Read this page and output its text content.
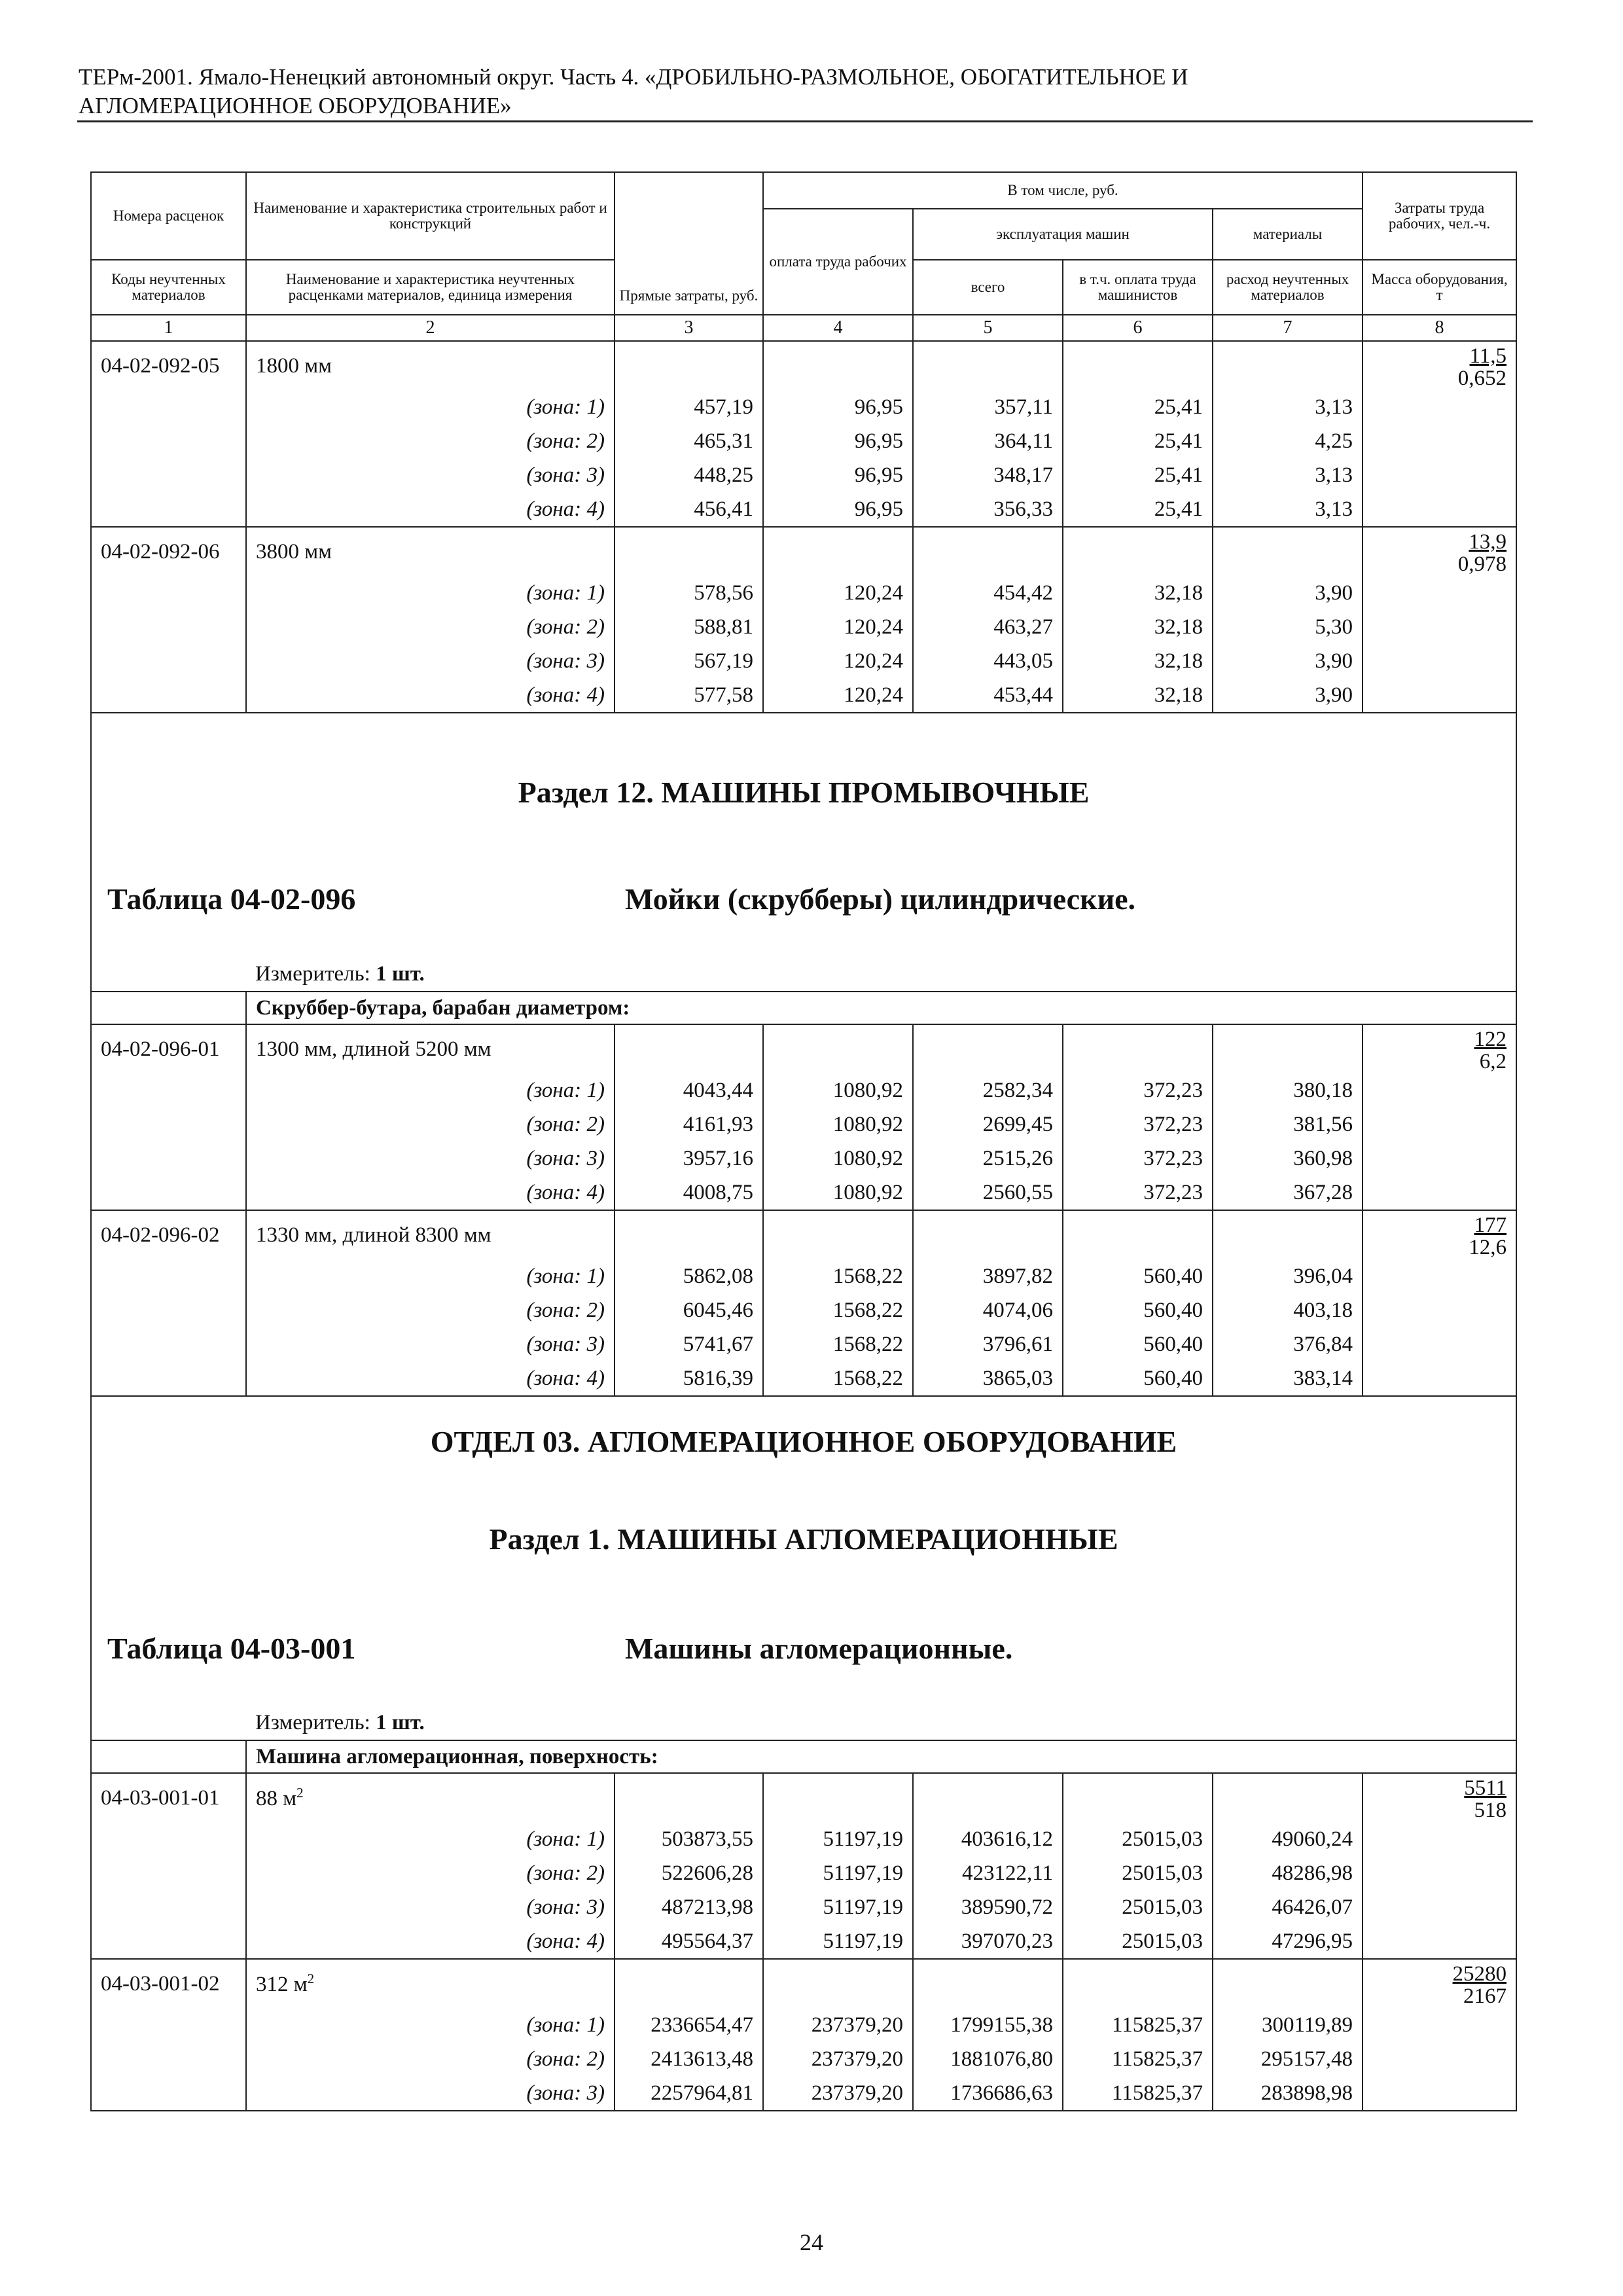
ТЕРм-2001. Ямало-Ненецкий автономный округ. Часть 4. «ДРОБИЛЬНО-РАЗМОЛЬНОЕ, ОБОГАТИТЕЛЬНОЕ И
АГЛОМЕРАЦИОННОЕ ОБОРУДОВАНИЕ»
Номера расценок	Наименование и характеристика строительных работ и конструкций	Прямые затраты, руб.	В том числе, руб.				Затраты труда рабочих, чел.-ч.
			оплата труда рабочих	эксплуатация машин		материалы	
Коды неучтенных материалов	Наименование и характеристика неучтенных расценками материалов, единица измерения			всего	в т.ч. оплата труда машинистов	расход неучтенных материалов	Масса оборудования, т
1	2	3	4	5	6	7	8
04-02-092-05	1800 мм						11,5
0,652

	(зона: 1)	457,19	96,95	357,11	25,41	3,13	
	(зона: 2)	465,31	96,95	364,11	25,41	4,25	
	(зона: 3)	448,25	96,95	348,17	25,41	3,13	
	(зона: 4)	456,41	96,95	356,33	25,41	3,13	
04-02-092-06	3800 мм						13,9
0,978

	(зона: 1)	578,56	120,24	454,42	32,18	3,90	
	(зона: 2)	588,81	120,24	463,27	32,18	5,30	
	(зона: 3)	567,19	120,24	443,05	32,18	3,90	
	(зона: 4)	577,58	120,24	453,44	32,18	3,90	

Раздел 12. МАШИНЫ ПРОМЫВОЧНЫЕ
Таблица 04-02-096 Мойки (скрубберы) цилиндрические.							

Измеритель: 1 шт.							
	Скруббер-бутара, барабан диаметром:						
04-02-096-01	1300 мм, длиной 5200 мм						122
6,2

	(зона: 1)	4043,44	1080,92	2582,34	372,23	380,18	
	(зона: 2)	4161,93	1080,92	2699,45	372,23	381,56	
	(зона: 3)	3957,16	1080,92	2515,26	372,23	360,98	
	(зона: 4)	4008,75	1080,92	2560,55	372,23	367,28	
04-02-096-02	1330 мм, длиной 8300 мм						177
12,6

	(зона: 1)	5862,08	1568,22	3897,82	560,40	396,04	
	(зона: 2)	6045,46	1568,22	4074,06	560,40	403,18	
	(зона: 3)	5741,67	1568,22	3796,61	560,40	376,84	
	(зона: 4)	5816,39	1568,22	3865,03	560,40	383,14	

ОТДЕЛ 03. АГЛОМЕРАЦИОННОЕ ОБОРУДОВАНИЕ
Раздел 1. МАШИНЫ АГЛОМЕРАЦИОННЫЕ
Таблица 04-03-001 Машины агломерационные.							

Измеритель: 1 шт.							
	Машина агломерационная, поверхность:						
04-03-001-01	88 $м^2$						5511
518

	(зона: 1)	503873,55	51197,19	403616,12	25015,03	49060,24	
	(зона: 2)	522606,28	51197,19	423122,11	25015,03	48286,98	
	(зона: 3)	487213,98	51197,19	389590,72	25015,03	46426,07	
	(зона: 4)	495564,37	51197,19	397070,23	25015,03	47296,95	
04-03-001-02	312 $м^2$						25280
2167

	(зона: 1)	2336654,47	237379,20	1799155,38	115825,37	300119,89	
	(зона: 2)	2413613,48	237379,20	1881076,80	115825,37	295157,48	
	(зона: 3)	2257964,81	237379,20	1736686,63	115825,37	283898,98	
24
